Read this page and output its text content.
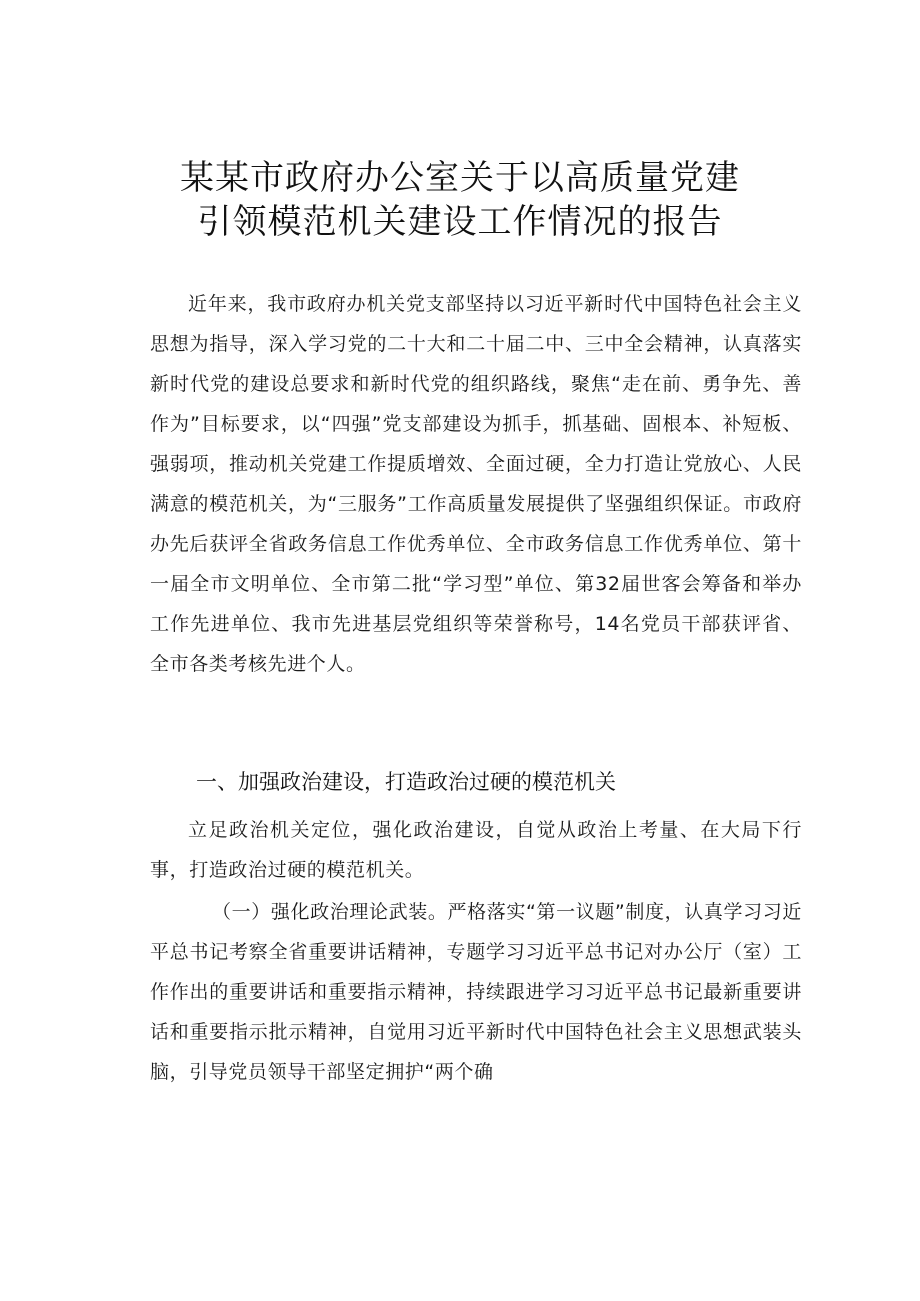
某某市政府办公室关于以高质量党建
引领模范机关建设工作情况的报告

近年来，我市政府办机关党支部坚持以习近平新时代中国特色社会主义思想为指导，深入学习党的二十大和二十届二中、三中全会精神，认真落实新时代党的建设总要求和新时代党的组织路线，聚焦“走在前、勇争先、善作为”目标要求，以“四强”党支部建设为抓手，抓基础、固根本、补短板、强弱项，推动机关党建工作提质增效、全面过硬，全力打造让党放心、人民满意的模范机关，为“三服务”工作高质量发展提供了坚强组织保证。市政府办先后获评全省政务信息工作优秀单位、全市政务信息工作优秀单位、第十一届全市文明单位、全市第二批“学习型”单位、第32届世客会筹备和举办工作先进单位、我市先进基层党组织等荣誉称号，14名党员干部获评省、全市各类考核先进个人。

一、加强政治建设，打造政治过硬的模范机关

立足政治机关定位，强化政治建设，自觉从政治上考量、在大局下行事，打造政治过硬的模范机关。

（一）强化政治理论武装。严格落实“第一议题”制度，认真学习习近平总书记考察全省重要讲话精神，专题学习习近平总书记对办公厅（室）工作作出的重要讲话和重要指示精神，持续跟进学习习近平总书记最新重要讲话和重要指示批示精神，自觉用习近平新时代中国特色社会主义思想武装头脑，引导党员领导干部坚定拥护“两个确
